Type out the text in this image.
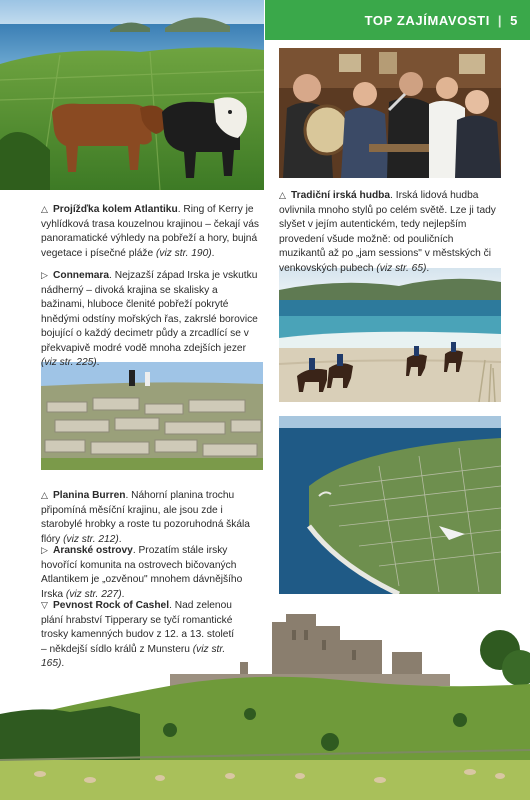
TOP ZAJÍMAVOSTI | 5
△ Projížďka kolem Atlantiku. Ring of Kerry je vyhlídková trasa kouzelnou krajinou – čekají vás panoramatické výhledy na pobřeží a hory, bujná vegetace i písečné pláže (viz str. 190).
▷ Connemara. Nejzazší západ Irska je vskutku nádherný – divoká krajina se skalisky a bažinami, hluboce členité pobřeží pokryté hnědými odstíny mořských řas, zakrslé borovice bojující o každý decimetr půdy a zrcadlící se v překvapivě modré vodě mnoha zdejších jezer (viz str. 225).
△ Tradiční irská hudba. Irská lidová hudba ovlivnila mnoho stylů po celém světě. Lze ji tady slyšet v jejím autentickém, tedy nejlepším provedení všude možně: od pouličních muzikantů až po „jam sessions" v městských či venkovských pubech (viz str. 65).
△ Planina Burren. Náhorní planina trochu připomíná měsíční krajinu, ale jsou zde i starobylé hrobky a roste tu pozoruhodná škála flóry (viz str. 212).
▷ Aranské ostrovy. Prozatím stále irsky hovořící komunita na ostrovech bičovaných Atlantikem je „ozvěnou" mnohem dávnějšího Irska (viz str. 227).
▽ Pevnost Rock of Cashel. Nad zelenou plání hrabství Tipperary se tyčí romantické trosky kamenných budov z 12. a 13. století – někdejší sídlo králů z Munsteru (viz str. 165).
